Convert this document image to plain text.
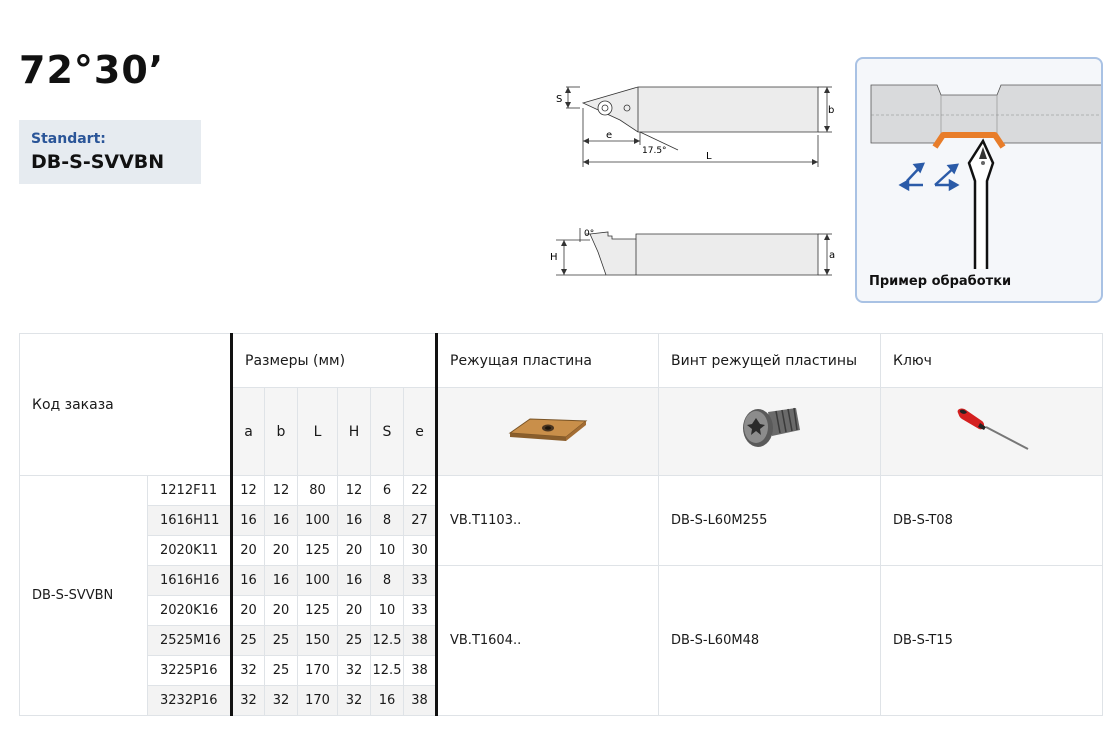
72°30’
Standart:
DB-S-SVVBN
S
b
e
17.5°	L
0°
H	a
Пример обработки
Код заказа		Размеры (мм)						Режущая пластина	Винт режущей пластины	Ключ
		a	b	L	H	S	e			
DB-S-SVVBN	1212F11	12	12	80	12	6	22	VB.T1103..	DB-S-L60M255	DB-S-T08
	1616H11	16	16	100	16	8	27			
	2020K11	20	20	125	20	10	30			
	1616H16	16	16	100	16	8	33	VB.T1604..	DB-S-L60M48	DB-S-T15
	2020K16	20	20	125	20	10	33			
	2525M16	25	25	150	25	12.5	38			
	3225P16	32	25	170	32	12.5	38			
	3232P16	32	32	170	32	16	38			
